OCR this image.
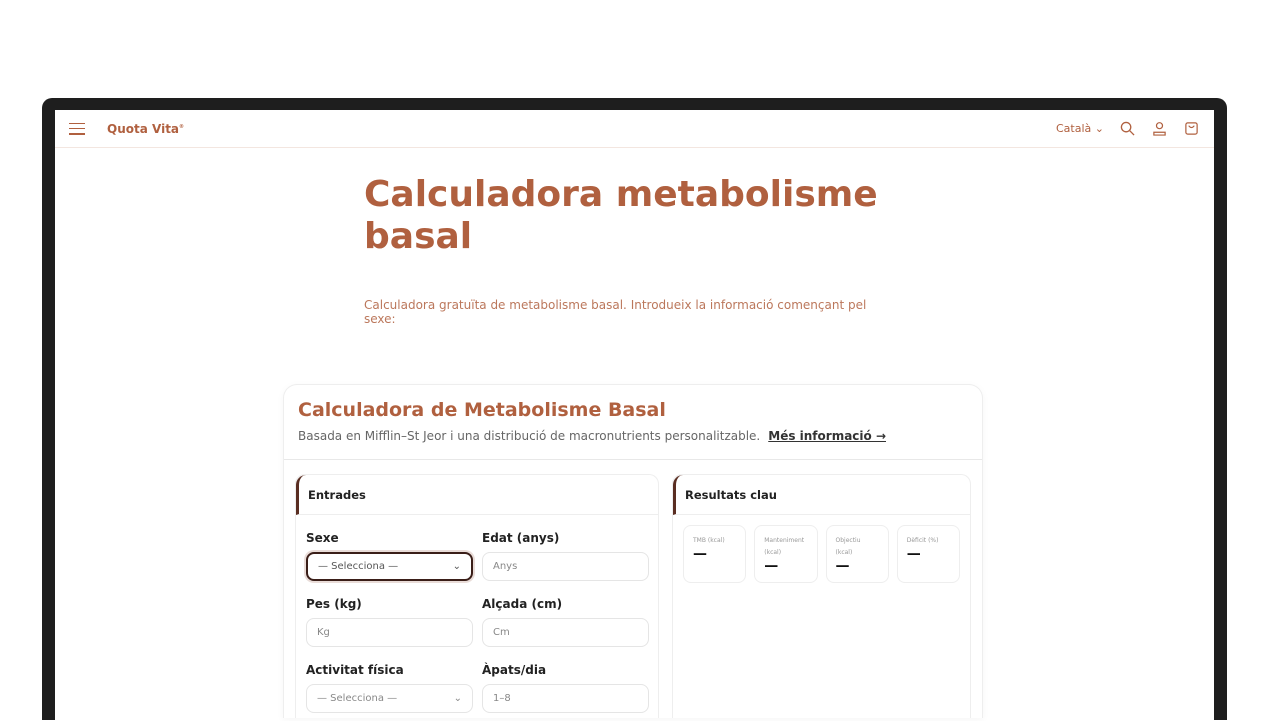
Quota Vita®	Català ⌄
Calculadora metabolisme basal

Calculadora gratuïta de metabolisme basal. Introdueix la informació començant pel sexe:

Calculadora de Metabolisme Basal

Basada en Mifflin–St Jeor i una distribució de macronutrients personalitzable. Més informació →

Entrades
Sexe
— Selecciona —	⌄
Edat (anys)
Anys
Pes (kg)
Kg
Alçada (cm)
Cm
Activitat física
— Selecciona —	⌄
Àpats/dia
1–8
Resultats clau
TMB (kcal)
—
Manteniment (kcal)
—
Objectiu (kcal)
—
Dèficit (%)
—
